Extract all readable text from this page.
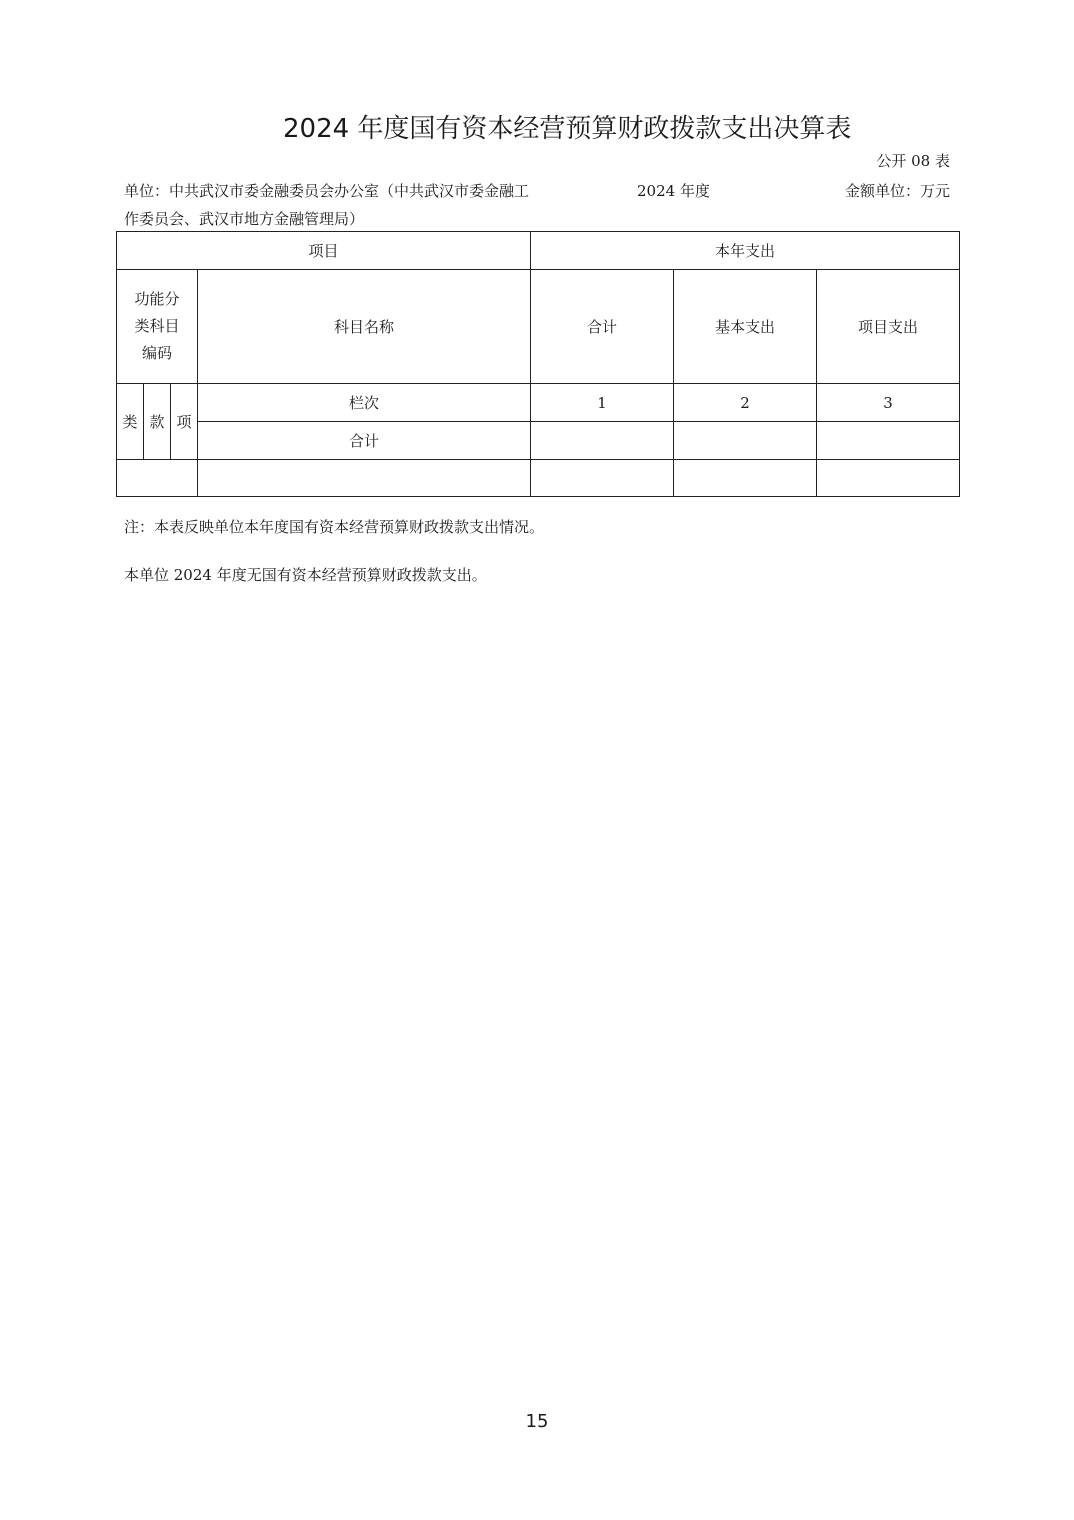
2024 年度国有资本经营预算财政拨款支出决算表
公开 08 表
单位：中共武汉市委金融委员会办公室（中共武汉市委金融工作委员会、武汉市地方金融管理局）
2024 年度	金额单位：万元
项目				本年支出		

功能分
类科目
编码			科目名称	合计	基本支出	项目支出
类	款	项	栏次	1	2	3
			合计			

注：本表反映单位本年度国有资本经营预算财政拨款支出情况。
本单位 2024 年度无国有资本经营预算财政拨款支出。
15
